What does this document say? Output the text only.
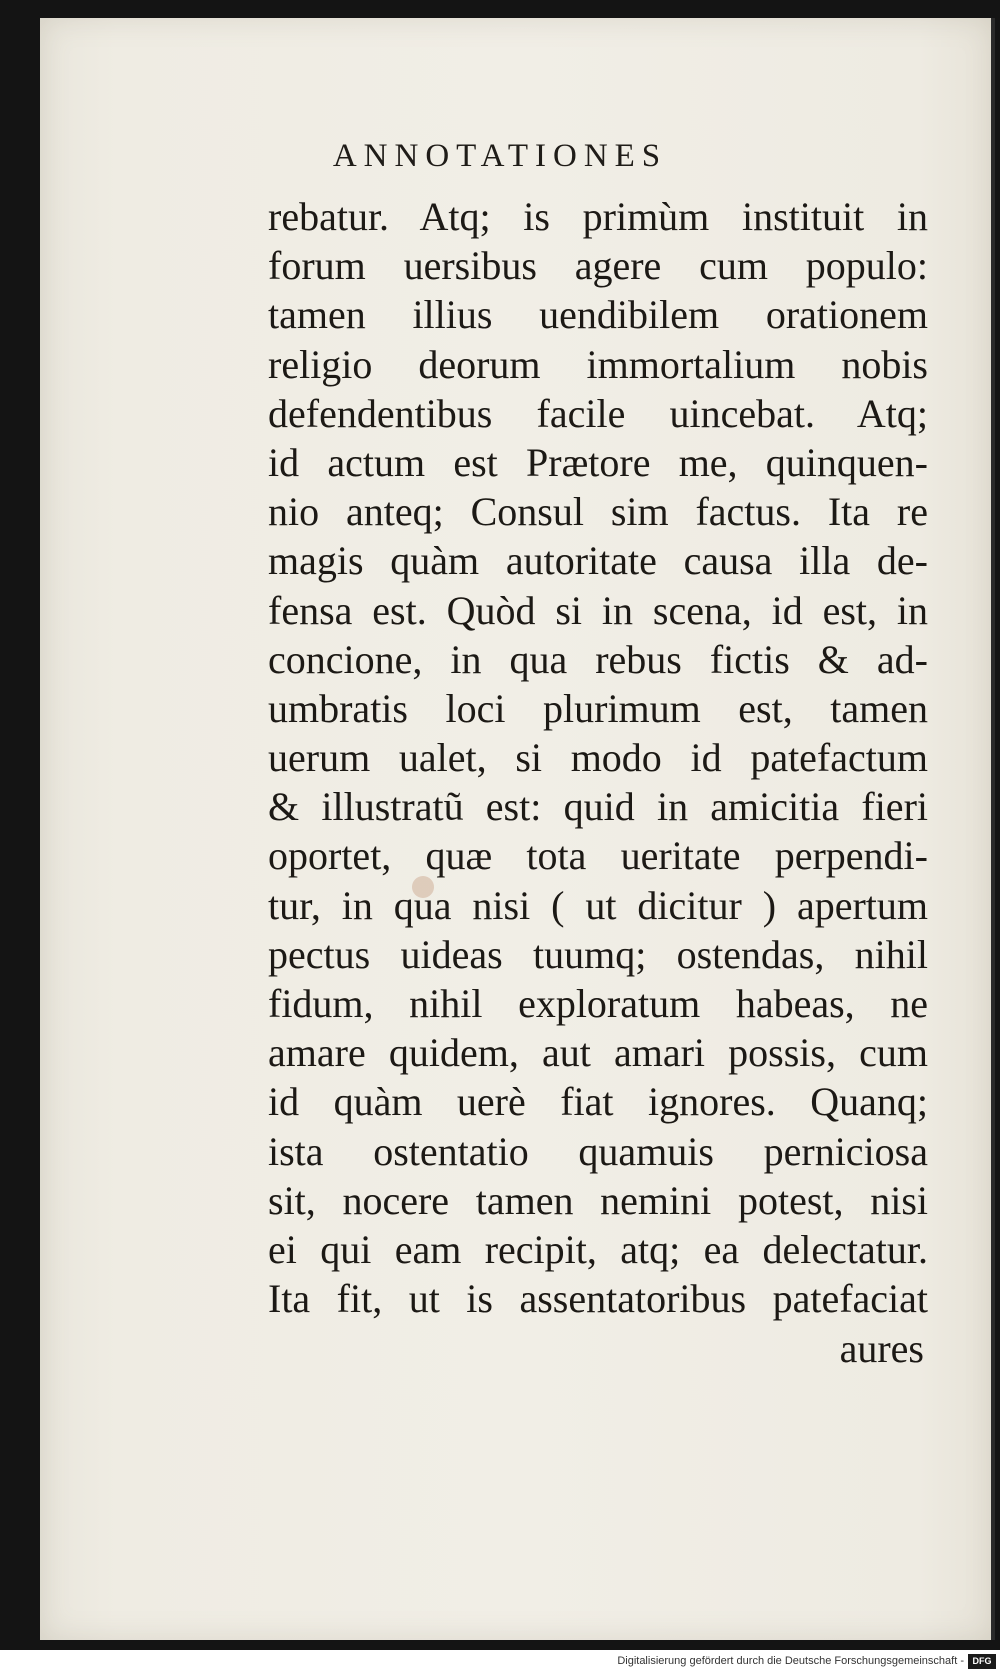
ANNOTATIONES
rebatur. Atq; is primùm instituit in
forum uersibus agere cum populo:
tamen illius uendibilem orationem
religio deorum immortalium nobis
defendentibus facile uincebat. Atq;
id actum est Prætore me, quinquen-
nio anteq; Consul sim factus. Ita re
magis quàm autoritate causa illa de-
fensa est. Quòd si in scena, id est, in
concione, in qua rebus fictis & ad-
umbratis loci plurimum est, tamen
uerum ualet, si modo id patefactum
& illustratũ est: quid in amicitia fieri
oportet, quæ tota ueritate perpendi-
tur, in qua nisi ( ut dicitur ) apertum
pectus uideas tuumq; ostendas, nihil
fidum, nihil exploratum habeas, ne
amare quidem, aut amari possis, cum
id quàm uerè fiat ignores. Quanq;
ista ostentatio quamuis perniciosa
sit, nocere tamen nemini potest, nisi
ei qui eam recipit, atq; ea delectatur.
Ita fit, ut is assentatoribus patefaciat
aures
Digitalisierung gefördert durch die Deutsche Forschungsgemeinschaft - DFG
